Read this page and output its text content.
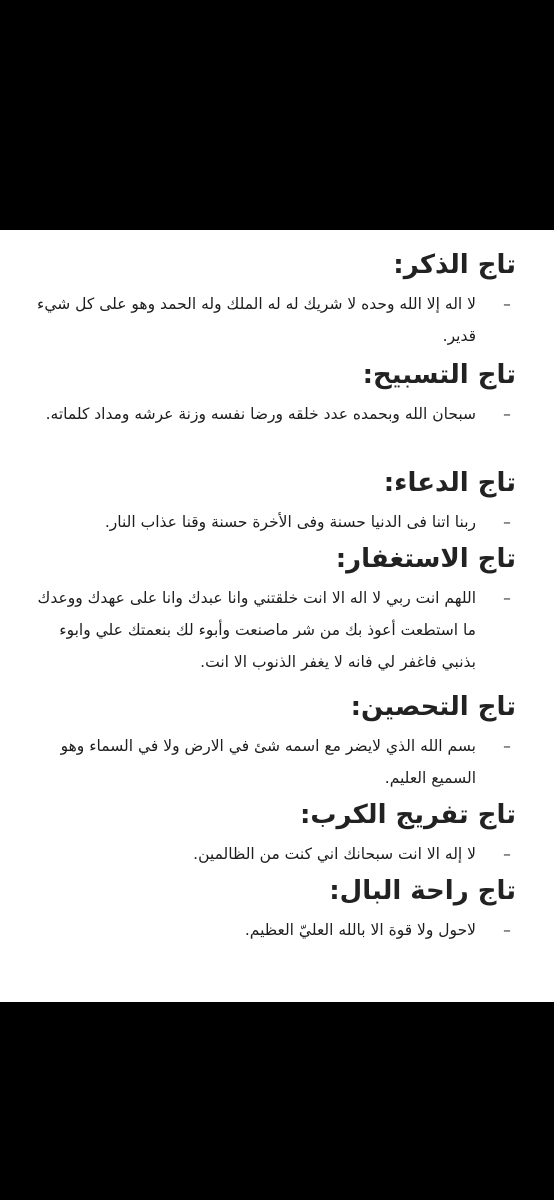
تاج الذكر:
–
لا اله إلا الله وحده لا شريك له له الملك وله الحمد وهو على كل شيء قدير.
تاج التسبيح:
–
سبحان الله وبحمده عدد خلقه ورضا نفسه وزنة عرشه ومداد كلماته.
تاج الدعاء:
–
ربنا اتنا فى الدنيا حسنة وفى الأخرة حسنة وقنا عذاب النار.
تاج الاستغفار:
–
اللهم انت ربي لا اله الا انت خلقتني وانا عبدك وانا على عهدك ووعدك ما استطعت أعوذ بك من شر ماصنعت وأبوء لك بنعمتك علي وابوء بذنبي فاغفر لي فانه لا يغفر الذنوب الا انت.
تاج التحصين:
–
بسم الله الذي لايضر مع اسمه شئ في الارض ولا في السماء وهو السميع العليم.
تاج تفريج الكرب:
–
لا إله الا انت سبحانك اني كنت من الظالمين.
تاج راحة البال:
–
لاحول ولا قوة الا بالله العليّ العظيم.
